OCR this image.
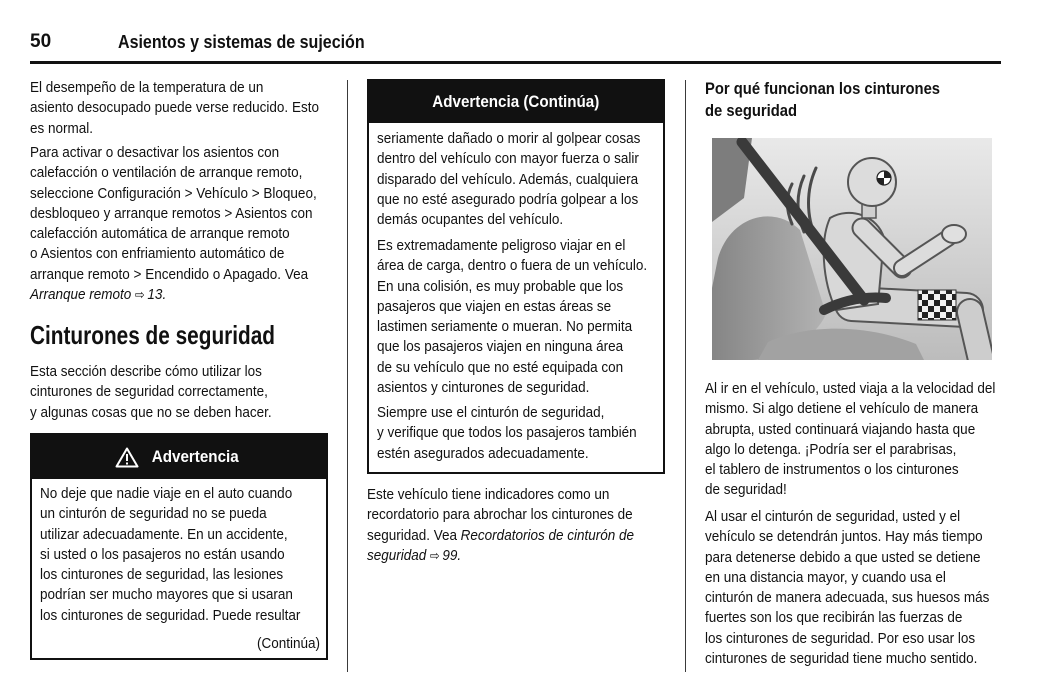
50	Asientos y sistemas de sujeción
El desempeño de la temperatura de un
asiento desocupado puede verse reducido. Esto
es normal.
Para activar o desactivar los asientos con
calefacción o ventilación de arranque remoto,
seleccione Configuración > Vehículo > Bloqueo,
desbloqueo y arranque remotos > Asientos con
calefacción automática de arranque remoto
o Asientos con enfriamiento automático de
arranque remoto > Encendido o Apagado. Vea
Arranque remoto ⇨ 13.
Cinturones de seguridad
Esta sección describe cómo utilizar los
cinturones de seguridad correctamente,
y algunas cosas que no se deben hacer.
Advertencia
No deje que nadie viaje en el auto cuando
un cinturón de seguridad no se pueda
utilizar adecuadamente. En un accidente,
si usted o los pasajeros no están usando
los cinturones de seguridad, las lesiones
podrían ser mucho mayores que si usaran
los cinturones de seguridad. Puede resultar
(Continúa)
Advertencia (Continúa)
seriamente dañado o morir al golpear cosas
dentro del vehículo con mayor fuerza o salir
disparado del vehículo. Además, cualquiera
que no esté asegurado podría golpear a los
demás ocupantes del vehículo.
Es extremadamente peligroso viajar en el
área de carga, dentro o fuera de un vehículo.
En una colisión, es muy probable que los
pasajeros que viajen en estas áreas se
lastimen seriamente o mueran. No permita
que los pasajeros viajen en ninguna área
de su vehículo que no esté equipada con
asientos y cinturones de seguridad.
Siempre use el cinturón de seguridad,
y verifique que todos los pasajeros también
estén asegurados adecuadamente.
Este vehículo tiene indicadores como un
recordatorio para abrochar los cinturones de
seguridad. Vea Recordatorios de cinturón de
seguridad ⇨ 99.
Por qué funcionan los cinturones
de seguridad
Al ir en el vehículo, usted viaja a la velocidad del
mismo. Si algo detiene el vehículo de manera
abrupta, usted continuará viajando hasta que
algo lo detenga. ¡Podría ser el parabrisas,
el tablero de instrumentos o los cinturones
de seguridad!
Al usar el cinturón de seguridad, usted y el
vehículo se detendrán juntos. Hay más tiempo
para detenerse debido a que usted se detiene
en una distancia mayor, y cuando usa el
cinturón de manera adecuada, sus huesos más
fuertes son los que recibirán las fuerzas de
los cinturones de seguridad. Por eso usar los
cinturones de seguridad tiene mucho sentido.
